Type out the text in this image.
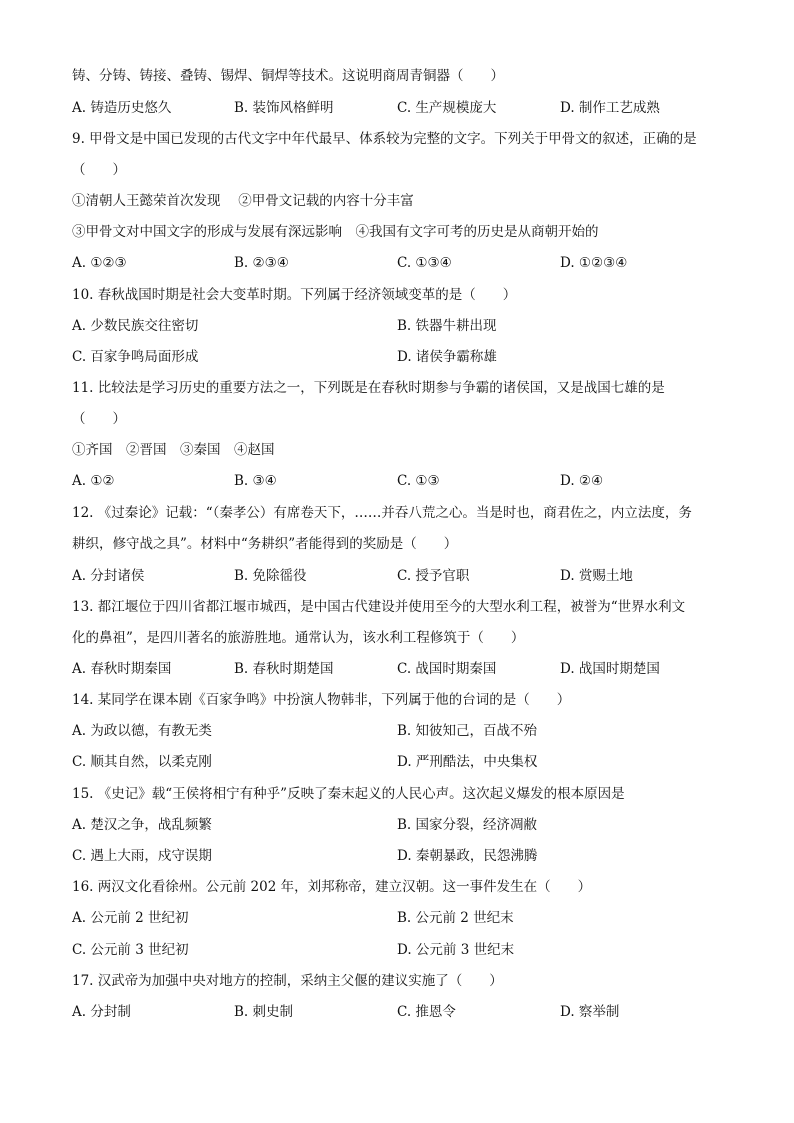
铸、分铸、铸接、叠铸、锡焊、铜焊等技术。这说明商周青铜器（　　）
A. 铸造历史悠久	B. 装饰风格鲜明	C. 生产规模庞大	D. 制作工艺成熟
9. 甲骨文是中国已发现的古代文字中年代最早、体系较为完整的文字。下列关于甲骨文的叙述，正确的是
（　　）
①清朝人王懿荣首次发现　 ②甲骨文记载的内容十分丰富
③甲骨文对中国文字的形成与发展有深远影响　④我国有文字可考的历史是从商朝开始的
A. ①②③	B. ②③④	C. ①③④	D. ①②③④
10. 春秋战国时期是社会大变革时期。下列属于经济领域变革的是（　　）
A. 少数民族交往密切	B. 铁器牛耕出现
C. 百家争鸣局面形成	D. 诸侯争霸称雄
11. 比较法是学习历史的重要方法之一，下列既是在春秋时期参与争霸的诸侯国，又是战国七雄的是
（　　）
①齐国　②晋国　③秦国　④赵国
A. ①②	B. ③④	C. ①③	D. ②④
12. 《过秦论》记载：“（秦孝公）有席卷天下，……并吞八荒之心。当是时也，商君佐之，内立法度，务
耕织，修守战之具”。材料中“务耕织”者能得到的奖励是（　　）
A. 分封诸侯	B. 免除徭役	C. 授予官职	D. 赏赐土地
13. 都江堰位于四川省都江堰市城西，是中国古代建设并使用至今的大型水利工程，被誉为“世界水利文
化的鼻祖”，是四川著名的旅游胜地。通常认为，该水利工程修筑于（　　）
A. 春秋时期秦国	B. 春秋时期楚国	C. 战国时期秦国	D. 战国时期楚国
14. 某同学在课本剧《百家争鸣》中扮演人物韩非，下列属于他的台词的是（　　）
A. 为政以德，有教无类	B. 知彼知己，百战不殆
C. 顺其自然，以柔克刚	D. 严刑酷法，中央集权
15. 《史记》载“王侯将相宁有种乎”反映了秦末起义的人民心声。这次起义爆发的根本原因是
A. 楚汉之争，战乱频繁	B. 国家分裂，经济凋敝
C. 遇上大雨，戍守误期	D. 秦朝暴政，民怨沸腾
16. 两汉文化看徐州。公元前 202 年，刘邦称帝，建立汉朝。这一事件发生在（　　）
A. 公元前 2 世纪初	B. 公元前 2 世纪末
C. 公元前 3 世纪初	D. 公元前 3 世纪末
17. 汉武帝为加强中央对地方的控制，采纳主父偃的建议实施了（　　）
A. 分封制	B. 刺史制	C. 推恩令	D. 察举制
